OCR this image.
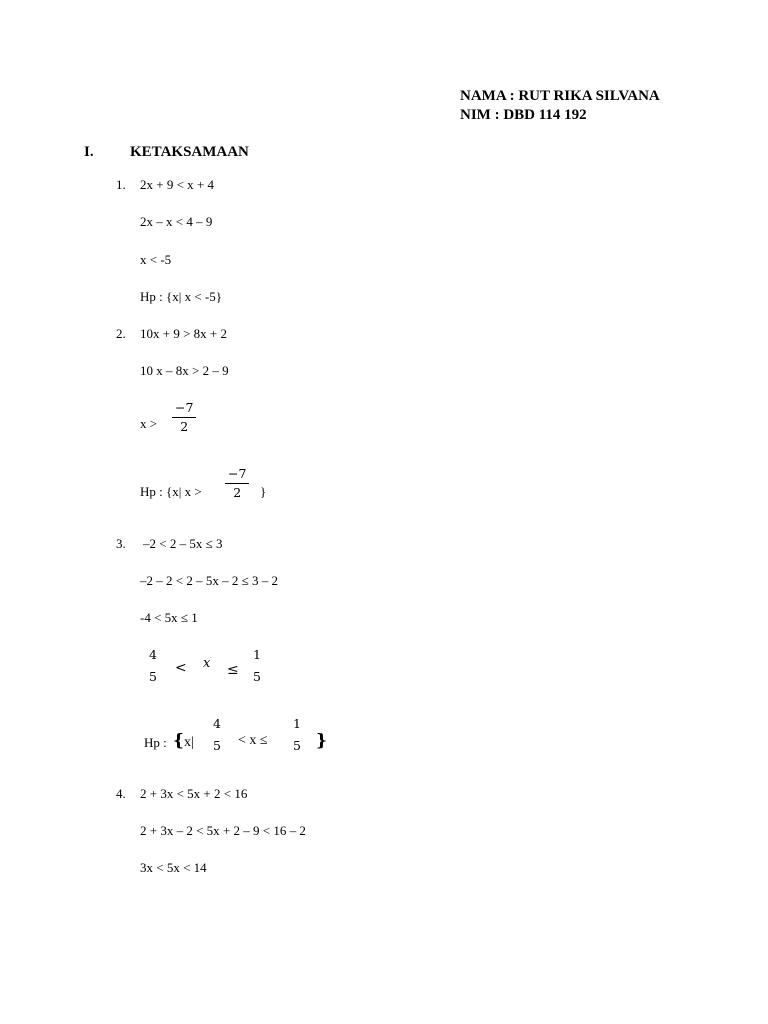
NAMA : RUT RIKA SILVANA
NIM : DBD 114 192
I. KETAKSAMAAN
1. 2x + 9 < x + 4
2x – x < 4 – 9
x < -5
Hp : {x| x < -5}
2. 10x + 9 > 8x + 2
10 x – 8x > 2 – 9
$x > \frac{-7}{2}$
Hp : {x| $x > \frac{-7}{2}$ }
3. –2 < 2 – 5x ≤ 3
–2 – 2 < 2 – 5x – 2 ≤ 3 – 2
-4 < 5x ≤ 1
4
5 < x ≤
1
5
Hp : { x|
4
5 < x ≤
1
5 }
4. 2 + 3x < 5x + 2 < 16
2 + 3x – 2 < 5x + 2 – 9 < 16 – 2
3x < 5x < 14
